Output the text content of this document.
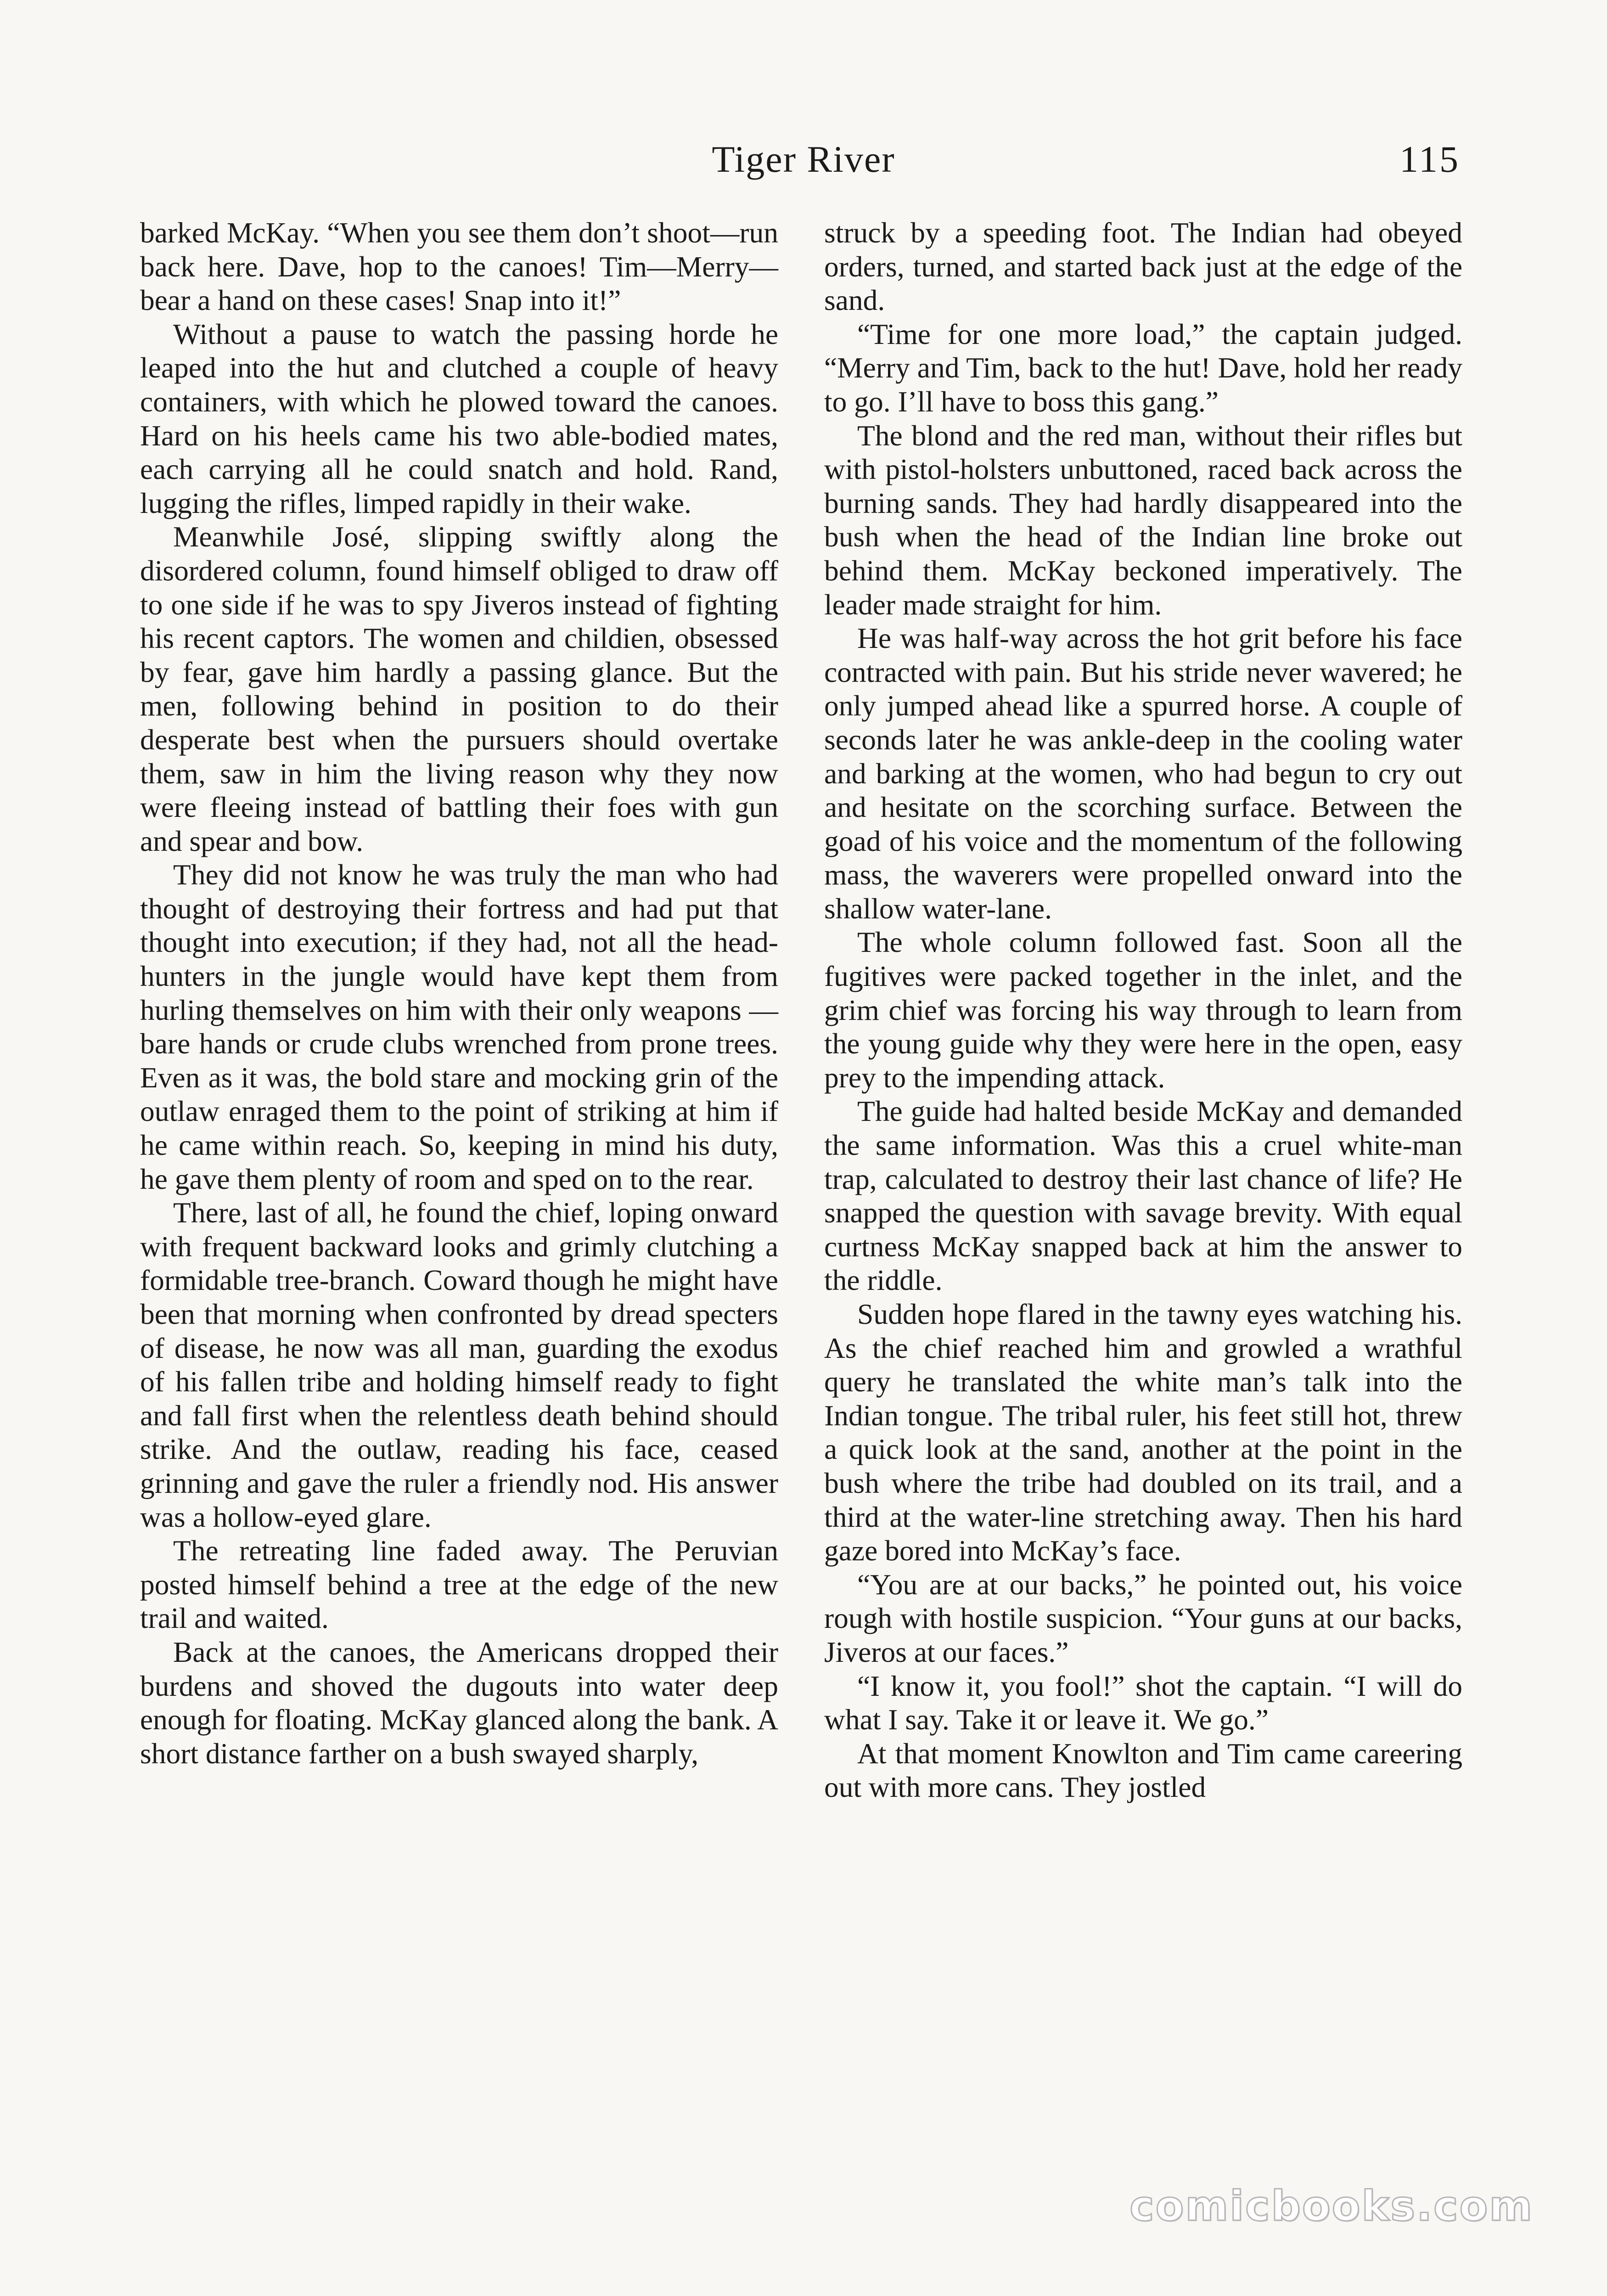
Tiger River	115

barked McKay. “When you see them don’t shoot—run back here. Dave, hop to the canoes! Tim—Merry—bear a hand on these cases! Snap into it!”

Without a pause to watch the passing horde he leaped into the hut and clutched a couple of heavy containers, with which he plowed toward the canoes. Hard on his heels came his two able-bodied mates, each carrying all he could snatch and hold. Rand, lugging the rifles, limped rapidly in their wake.

Meanwhile José, slipping swiftly along the disordered column, found himself obliged to draw off to one side if he was to spy Jiveros instead of fighting his recent captors. The women and childien, obsessed by fear, gave him hardly a passing glance. But the men, following behind in position to do their desperate best when the pursuers should overtake them, saw in him the living reason why they now were fleeing instead of battling their foes with gun and spear and bow.

They did not know he was truly the man who had thought of destroying their fortress and had put that thought into execution; if they had, not all the head-hunters in the jungle would have kept them from hurling themselves on him with their only weapons —bare hands or crude clubs wrenched from prone trees. Even as it was, the bold stare and mocking grin of the outlaw enraged them to the point of striking at him if he came within reach. So, keeping in mind his duty, he gave them plenty of room and sped on to the rear.

There, last of all, he found the chief, loping onward with frequent backward looks and grimly clutching a formidable tree-branch. Coward though he might have been that morning when confronted by dread specters of disease, he now was all man, guarding the exodus of his fallen tribe and holding himself ready to fight and fall first when the relentless death behind should strike. And the outlaw, reading his face, ceased grinning and gave the ruler a friendly nod. His answer was a hollow-eyed glare.

The retreating line faded away. The Peruvian posted himself behind a tree at the edge of the new trail and waited.

Back at the canoes, the Americans dropped their burdens and shoved the dugouts into water deep enough for floating. McKay glanced along the bank. A short distance farther on a bush swayed sharply,

struck by a speeding foot. The Indian had obeyed orders, turned, and started back just at the edge of the sand.

“Time for one more load,” the captain judged. “Merry and Tim, back to the hut! Dave, hold her ready to go. I’ll have to boss this gang.”

The blond and the red man, without their rifles but with pistol-holsters unbuttoned, raced back across the burning sands. They had hardly disappeared into the bush when the head of the Indian line broke out behind them. McKay beckoned imperatively. The leader made straight for him.

He was half-way across the hot grit before his face contracted with pain. But his stride never wavered; he only jumped ahead like a spurred horse. A couple of seconds later he was ankle-deep in the cooling water and barking at the women, who had begun to cry out and hesitate on the scorching surface. Between the goad of his voice and the momentum of the following mass, the waverers were propelled onward into the shallow water-lane.

The whole column followed fast. Soon all the fugitives were packed together in the inlet, and the grim chief was forcing his way through to learn from the young guide why they were here in the open, easy prey to the impending attack.

The guide had halted beside McKay and demanded the same information. Was this a cruel white-man trap, calculated to destroy their last chance of life? He snapped the question with savage brevity. With equal curtness McKay snapped back at him the answer to the riddle.

Sudden hope flared in the tawny eyes watching his. As the chief reached him and growled a wrathful query he translated the white man’s talk into the Indian tongue. The tribal ruler, his feet still hot, threw a quick look at the sand, another at the point in the bush where the tribe had doubled on its trail, and a third at the water-line stretching away. Then his hard gaze bored into McKay’s face.

“You are at our backs,” he pointed out, his voice rough with hostile suspicion. “Your guns at our backs, Jiveros at our faces.”

“I know it, you fool!” shot the captain. “I will do what I say. Take it or leave it. We go.”

At that moment Knowlton and Tim came careering out with more cans. They jostled

comicbooks.com
